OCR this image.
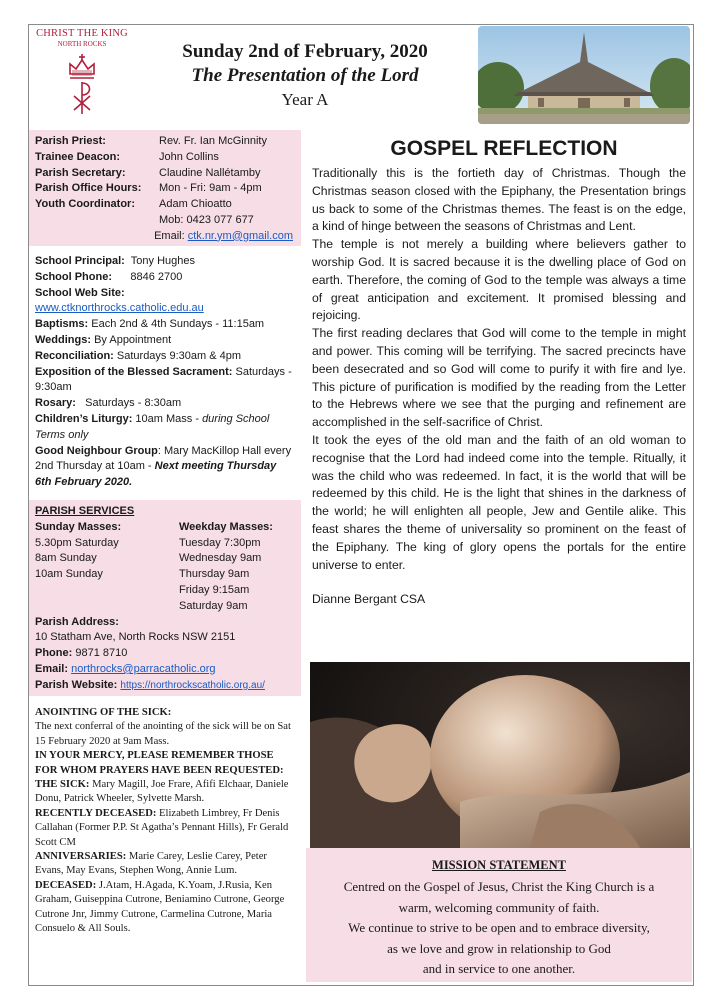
CHRIST THE KING
NORTH ROCKS	Sunday 2nd of February, 2020
The Presentation of the Lord
Year A
Parish Priest:	Rev. Fr. Ian McGinnity
Trainee Deacon:	John Collins
Parish Secretary:	Claudine Nallétamby
Parish Office Hours:	Mon - Fri: 9am - 4pm
Youth Coordinator:	Adam Chioatto
Mob: 0423 077 677
Email: ctk.nr.ym@gmail.com
School Principal:  Tony Hughes
School Phone:      8846 2700
School Web Site:
www.ctknorthrocks.catholic.edu.au
Baptisms: Each 2nd & 4th Sundays - 11:15am
Weddings: By Appointment
Reconciliation: Saturdays 9:30am & 4pm
Exposition of the Blessed Sacrament: Saturdays - 9:30am
Rosary:   Saturdays - 8:30am
Children’s Liturgy: 10am Mass - during School Terms only
Good Neighbour Group: Mary MacKillop Hall every 2nd Thursday at 10am - Next meeting Thursday 6th February 2020.
PARISH SERVICES
Sunday Masses:	Weekday Masses:
5.30pm Saturday	Tuesday 7:30pm
8am Sunday	Wednesday 9am
10am Sunday	Thursday 9am
Friday 9:15am
Saturday 9am
Parish Address:
10 Statham Ave, North Rocks NSW 2151
Phone: 9871 8710
Email: northrocks@parracatholic.org
Parish Website: https://northrockscatholic.org.au/
ANOINTING OF THE SICK:
The next conferral of the anointing of the sick will be on Sat 15 February 2020 at 9am Mass.
IN YOUR MERCY, PLEASE REMEMBER THOSE FOR WHOM PRAYERS HAVE BEEN REQUESTED:
THE SICK: Mary Magill, Joe Frare, Afifi Elchaar, Daniele Donu, Patrick Wheeler, Sylvette Marsh.
RECENTLY DECEASED: Elizabeth Limbrey, Fr Denis Callahan (Former P.P. St Agatha’s Pennant Hills), Fr Gerald Scott CM
ANNIVERSARIES: Marie Carey, Leslie Carey, Peter Evans, May Evans, Stephen Wong, Annie Lum.
DECEASED: J.Atam, H.Agada, K.Yoam, J.Rusia, Ken Graham, Guiseppina Cutrone, Beniamino Cutrone, George Cutrone Jnr, Jimmy Cutrone, Carmelina Cutrone, Maria Consuelo & All Souls.
GOSPEL REFLECTION

Traditionally this is the fortieth day of Christmas. Though the Christmas season closed with the Epiphany, the Presentation brings us back to some of the Christmas themes. The feast is on the edge, a kind of hinge between the seasons of Christmas and Lent.

The temple is not merely a building where believers gather to worship God. It is sacred because it is the dwelling place of God on earth. Therefore, the coming of God to the temple was always a time of great anticipation and excitement. It promised blessing and rejoicing.

The first reading declares that God will come to the temple in might and power. This coming will be terrifying. The sacred precincts have been desecrated and so God will come to purify it with fire and lye. This picture of purification is modified by the reading from the Letter to the Hebrews where we see that the purging and refinement are accomplished in the self-sacrifice of Christ.

It took the eyes of the old man and the faith of an old woman to recognise that the Lord had indeed come into the temple. Ritually, it was the child who was redeemed. In fact, it is the world that will be redeemed by this child. He is the light that shines in the darkness of the world; he will enlighten all people, Jew and Gentile alike. This feast shares the theme of universality so prominent on the feast of the Epiphany. The king of glory opens the portals for the entire universe to enter.

Dianne Bergant CSA
MISSION STATEMENT
Centred on the Gospel of Jesus, Christ the King Church is a
warm, welcoming community of faith.
We continue to strive to be open and to embrace diversity,
as we love and grow in relationship to God
and in service to one another.
